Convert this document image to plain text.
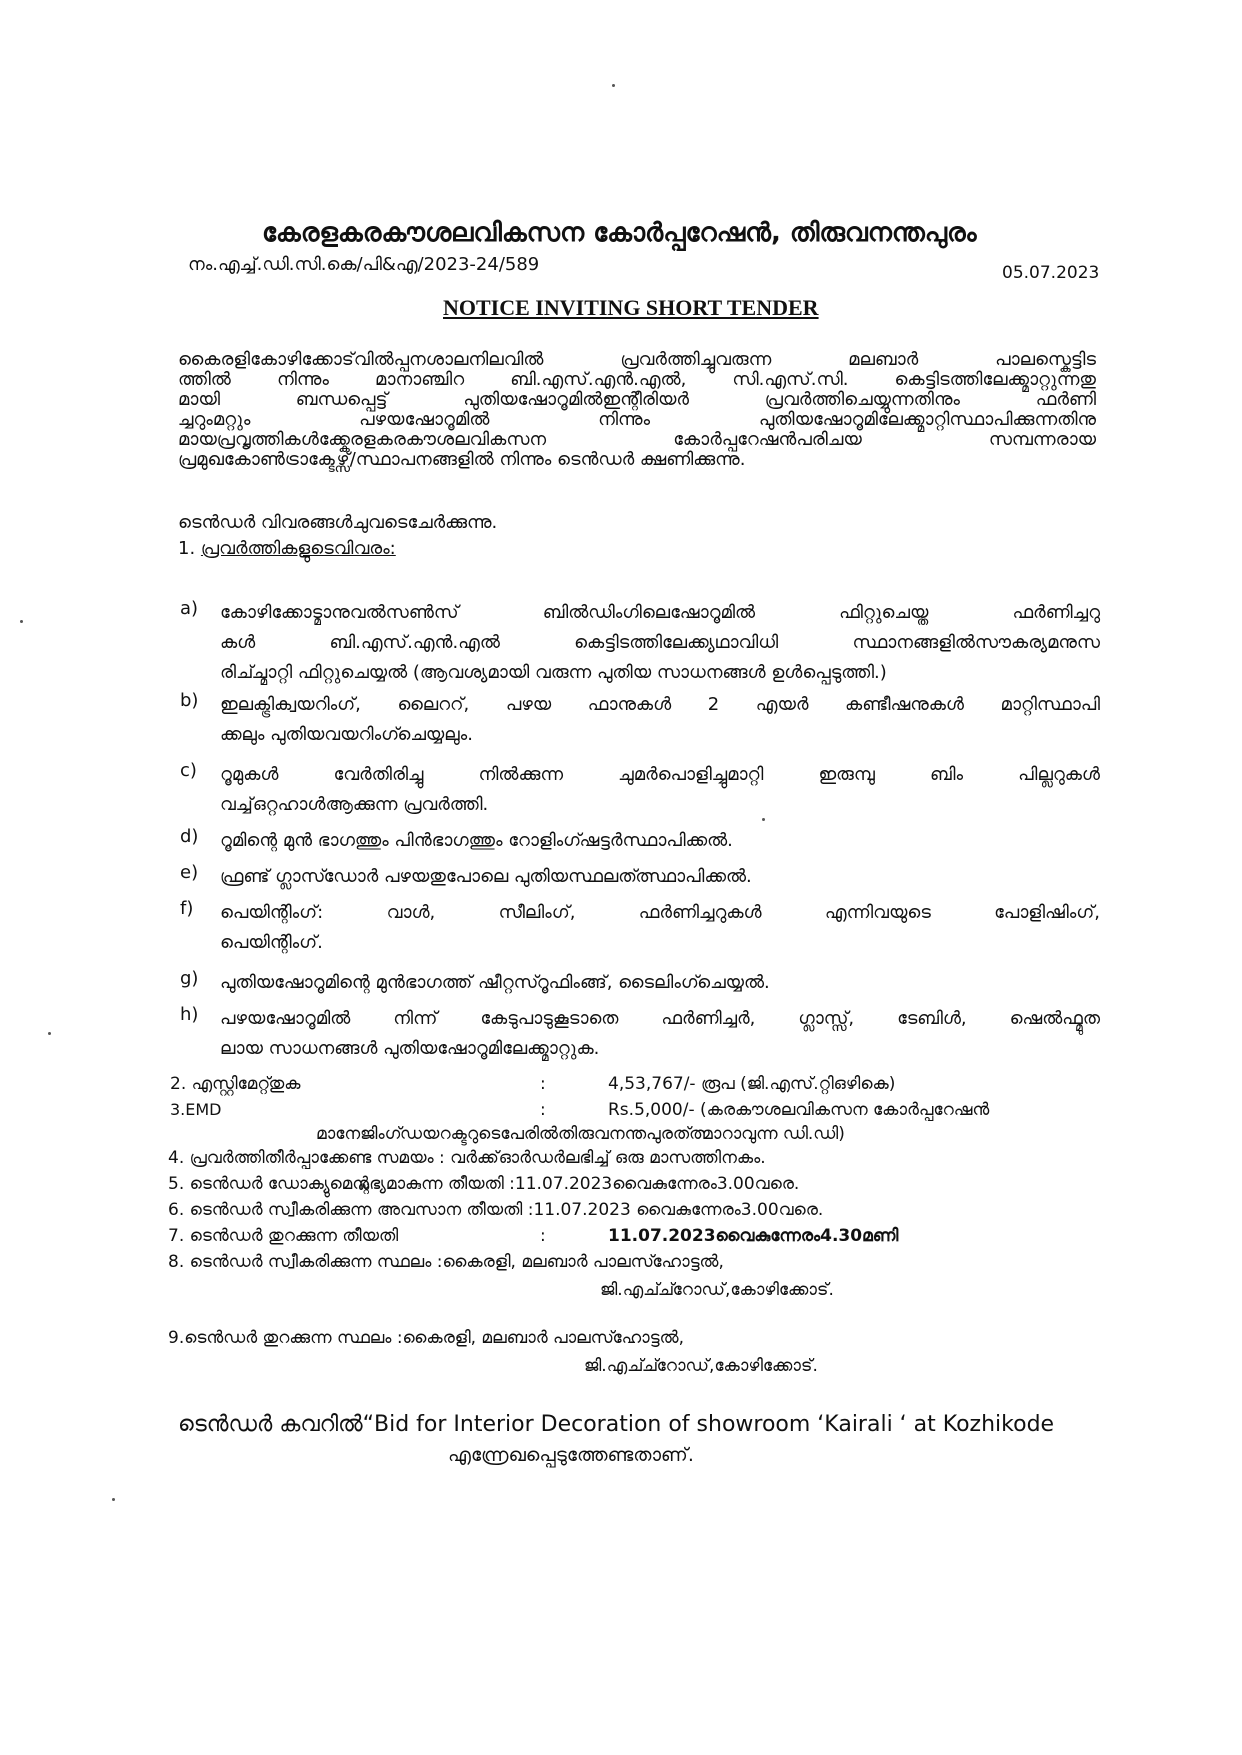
കേരളകരകൗശലവികസന കോർപ്പറേഷൻ, തിരുവനന്തപുരം
നം.എച്ച്.ഡി.സി.കെ/പി&എ/2023-24/589	05.07.2023
NOTICE INVITING SHORT TENDER
കൈരളികോഴിക്കോട്‌വിൽപ്പനശാലനിലവിൽ പ്രവർത്തിച്ചുവരുന്ന മലബാർ പാലസ്കെട്ടിട
ത്തിൽ നിന്നും മാനാഞ്ചിറ ബി.എസ്.എൻ.എൽ, സി.എസ്.സി. കെട്ടിടത്തിലേക്ക്മാറ്റുന്നതു
മായി ബന്ധപ്പെട്ട് പുതിയഷോറൂമിൽഇന്റീരിയർ പ്രവർത്തിചെയ്യുന്നതിനും ഫർണി
ച്ചറുംമറ്റും പഴയഷോറൂമിൽ നിന്നും പുതിയഷോറൂമിലേക്ക്മാറ്റിസ്ഥാപിക്കുന്നതിനു
മായപ്രവൃത്തികൾക്ക്കേരളകരകൗശലവികസന കോർപ്പറേഷൻപരിചയ സമ്പന്നരായ
പ്രമുഖകോൺട്രാക്ടേഴ്സ്/സ്ഥാപനങ്ങളിൽ നിന്നും ടെൻഡർ ക്ഷണിക്കുന്നു.
ടെൻഡർ വിവരങ്ങൾചുവടെചേർക്കുന്നു.
1. പ്രവർത്തികളുടെവിവരം:
a)	കോഴിക്കോട്മാനുവൽസൺസ് ബിൽഡിംഗിലെഷോറൂമിൽ ഫിറ്റുചെയ്ത ഫർണിച്ചറു
കൾ ബി.എസ്.എൻ.എൽ കെട്ടിടത്തിലേക്ക്യഥാവിധി സ്ഥാനങ്ങളിൽസൗകര്യമനുസ
രിച്ച്മാറ്റി ഫിറ്റുചെയ്യൽ (ആവശ്യമായി വരുന്ന പുതിയ സാധനങ്ങൾ ഉൾപ്പെടുത്തി.)
b)	ഇലക്ട്രിക്വയറിംഗ്, ലൈററ്, പഴയ ഫാനുകൾ 2 എയർ കണ്ടീഷനുകൾ മാറ്റിസ്ഥാപി
ക്കലും പുതിയവയറിംഗ്ചെയ്യലും.
c)	റൂമുകൾ വേർതിരിച്ചു നിൽക്കുന്ന ചുമർപൊളിച്ചുമാറ്റി ഇരുമ്പു ബിം പില്ലറുകൾ
വച്ച്ഒറ്റഹാൾആക്കുന്ന പ്രവർത്തി.
d)	റൂമിന്റെ മുൻ ഭാഗത്തും പിൻഭാഗത്തും റോളിംഗ്ഷട്ടർസ്ഥാപിക്കൽ.
e)	ഫ്രണ്ട് ഗ്ലാസ്ഡോർ പഴയതുപോലെ പുതിയസ്ഥലത്ത്സ്ഥാപിക്കൽ.
f)	പെയിന്റിംഗ്: വാൾ, സീലിംഗ്, ഫർണിച്ചറുകൾ എന്നിവയുടെ പോളിഷിംഗ്,
പെയിന്റിംഗ്.
g)	പുതിയഷോറൂമിന്റെ മുൻഭാഗത്ത് ഷീറ്റസ്റൂഫിംങ്ങ്, ടൈലിംഗ്ചെയ്യൽ.
h)	പഴയഷോറൂമിൽ നിന്ന് കേടുപാടുകൂടാതെ ഫർണിച്ചർ, ഗ്ലാസ്സ്, ടേബിൾ, ഷെൽഫ്മുത
ലായ സാധനങ്ങൾ പുതിയഷോറൂമിലേക്ക്മാറ്റുക.
2. എസ്റ്റിമേറ്റ്തുക	:	4,53,767/- രൂപ (ജി.എസ്.റ്റിഒഴികെ)
3.EMD	:	Rs.5,000/- (കരകൗശലവികസന കോർപ്പറേഷൻ
മാനേജിംഗ്ഡയറക്ടറുടെപേരിൽതിരുവനന്തപുരത്ത്മാറാവുന്ന ഡി.ഡി)
4. പ്രവർത്തിതീർപ്പാക്കേണ്ട സമയം : വർക്ക്ഓർഡർലഭിച്ച് ഒരു മാസത്തിനകം.
5. ടെൻഡർ ഡോക്യുമെന്റ്ലഭ്യമാകുന്ന തീയതി :11.07.2023വൈകുന്നേരം3.00വരെ.
6. ടെൻഡർ സ്വീകരിക്കുന്ന അവസാന തീയതി :11.07.2023 വൈകുന്നേരം3.00വരെ.
7. ടെൻഡർ തുറക്കുന്ന തീയതി	:	11.07.2023വൈകുന്നേരം4.30മണി
8. ടെൻഡർ സ്വീകരിക്കുന്ന സ്ഥലം :കൈരളി, മലബാർ പാലസ്ഹോട്ടൽ,
ജി.എച്ച്റോഡ്,കോഴിക്കോട്.
9.ടെൻഡർ തുറക്കുന്ന സ്ഥലം :കൈരളി, മലബാർ പാലസ്ഹോട്ടൽ,
ജി.എച്ച്റോഡ്,കോഴിക്കോട്.
ടെൻഡർ കവറിൽ“Bid for Interior Decoration of showroom ‘Kairali ‘ at Kozhikode
എന്ന്രേഖപ്പെടുത്തേണ്ടതാണ്.
